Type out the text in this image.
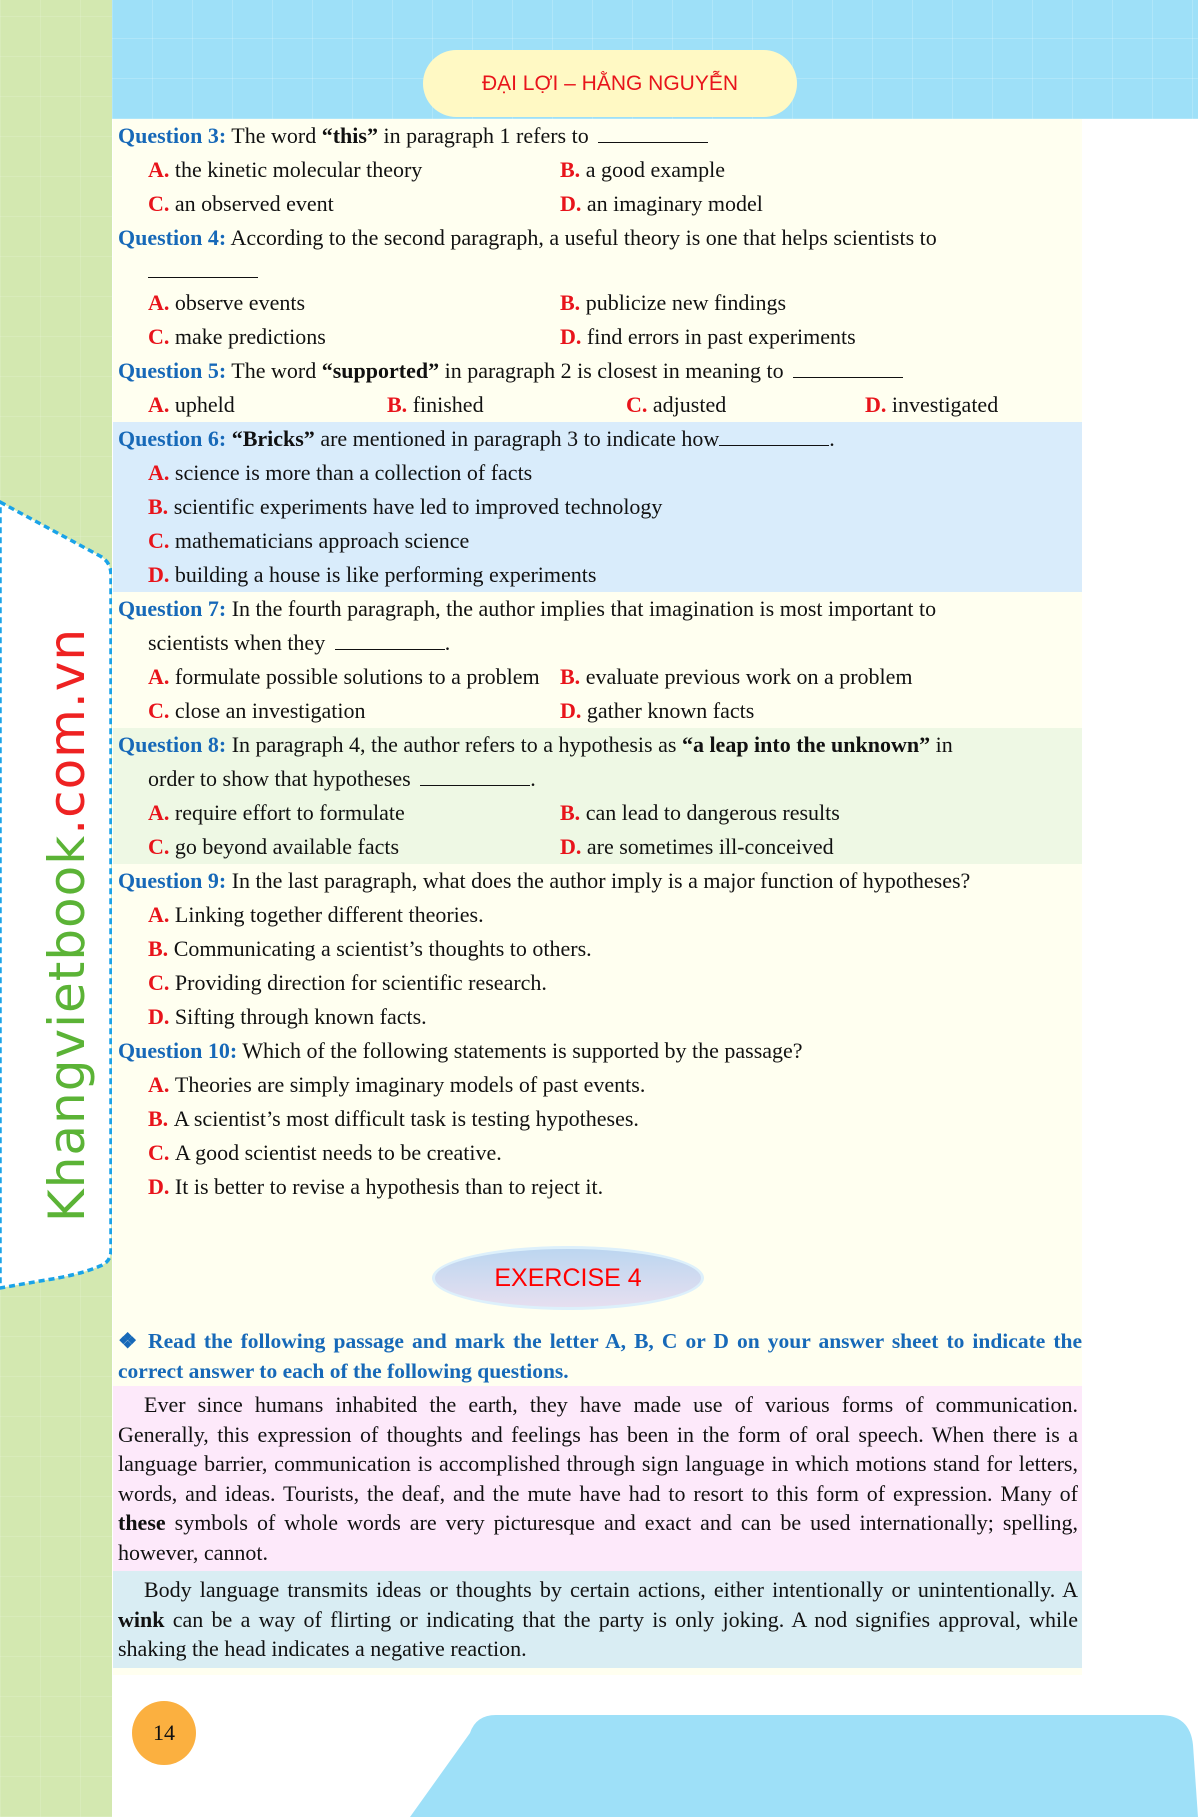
Khangvietbook.com.vn
ĐẠI LỢI – HẰNG NGUYỄN
Question 3: The word “this” in paragraph 1 refers to
A. the kinetic molecular theory	B. a good example
C. an observed event	D. an imaginary model
Question 4: According to the second paragraph, a useful theory is one that helps scientists to
A. observe events	B. publicize new findings
C. make predictions	D. find errors in past experiments
Question 5: The word “supported” in paragraph 2 is closest in meaning to
A. upheld	B. finished	C. adjusted	D. investigated
Question 6: “Bricks” are mentioned in paragraph 3 to indicate how	.
A.
science is more than a collection of facts
B.
scientific experiments have led to improved technology
C.
mathematicians approach science
D.
building a house is like performing experiments
Question 7: In the fourth paragraph, the author implies that imagination is most important to
scientists when they	.
A. formulate possible solutions to a problem B. evaluate previous work on a problem
C. close an investigation	D. gather known facts
Question 8: In paragraph 4, the author refers to a hypothesis as “a leap into the unknown” in
order to show that hypotheses	.
A. require effort to formulate	B. can lead to dangerous results
C. go beyond available facts	D. are sometimes ill-conceived
Question 9: In the last paragraph, what does the author imply is a major function of hypotheses?
A.
Linking together different theories.
B.
Communicating a scientist’s thoughts to others.
C.
Providing direction for scientific research.
D.
Sifting through known facts.
Question 10: Which of the following statements is supported by the passage?
A.
Theories are simply imaginary models of past events.
B.
A scientist’s most difficult task is testing hypotheses.
C.
A good scientist needs to be creative.
D.
It is better to revise a hypothesis than to reject it.
EXERCISE 4
❖ Read the following passage and mark the letter A, B, C or D on your answer sheet to indicate the correct answer to each of the following questions.
Ever since humans inhabited the earth, they have made use of various forms of communication. Generally, this expression of thoughts and feelings has been in the form of oral speech. When there is a language barrier, communication is accomplished through sign language in which motions stand for letters, words, and ideas. Tourists, the deaf, and the mute have had to resort to this form of expression. Many of these symbols of whole words are very picturesque and exact and can be used internationally; spelling, however, cannot.
Body language transmits ideas or thoughts by certain actions, either intentionally or unintentionally. A wink can be a way of flirting or indicating that the party is only joking. A nod signifies approval, while shaking the head indicates a negative reaction.
14
